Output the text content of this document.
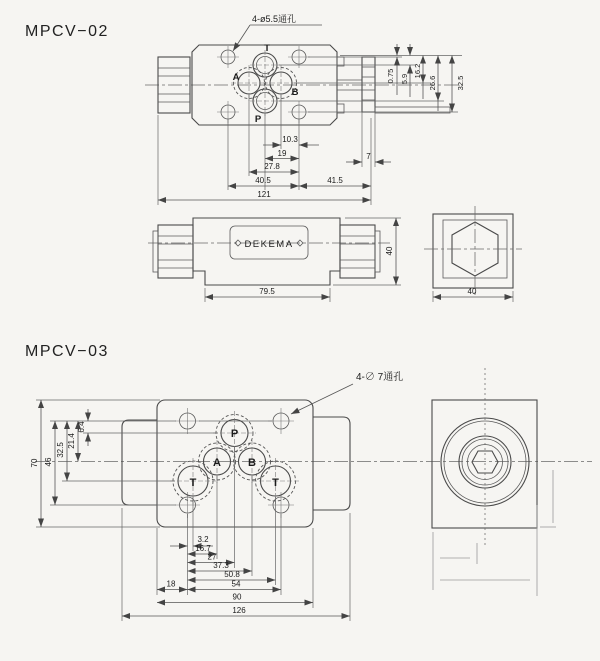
MPCV−02
T
A
B
P
4-ø5.5通孔
0.75 5.9
16.2
26.6	32.5
10.3
19
27.8
40.5	41.5
7
121
DEKEMA
40
79.5	40
MPCV−03
P
A B
T	T
4-∅ 7通孔
70 46
32.5
21.4
6.4
3.2
16.7
27
37.3
50.8
18	54
90
126
